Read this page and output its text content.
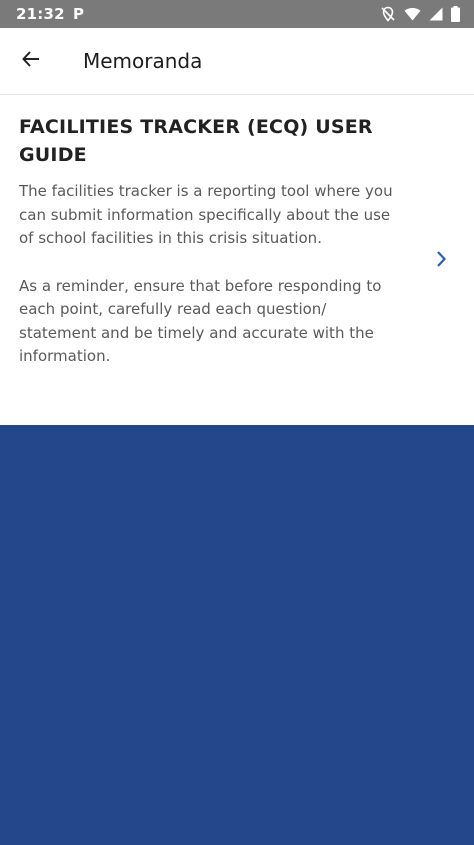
21:32 P
Memoranda
FACILITIES TRACKER (ECQ) USER GUIDE

The facilities tracker is a reporting tool where you can submit information specifically about the use of school facilities in this crisis situation.

As a reminder, ensure that before responding to each point, carefully read each question/ statement and be timely and accurate with the information.
